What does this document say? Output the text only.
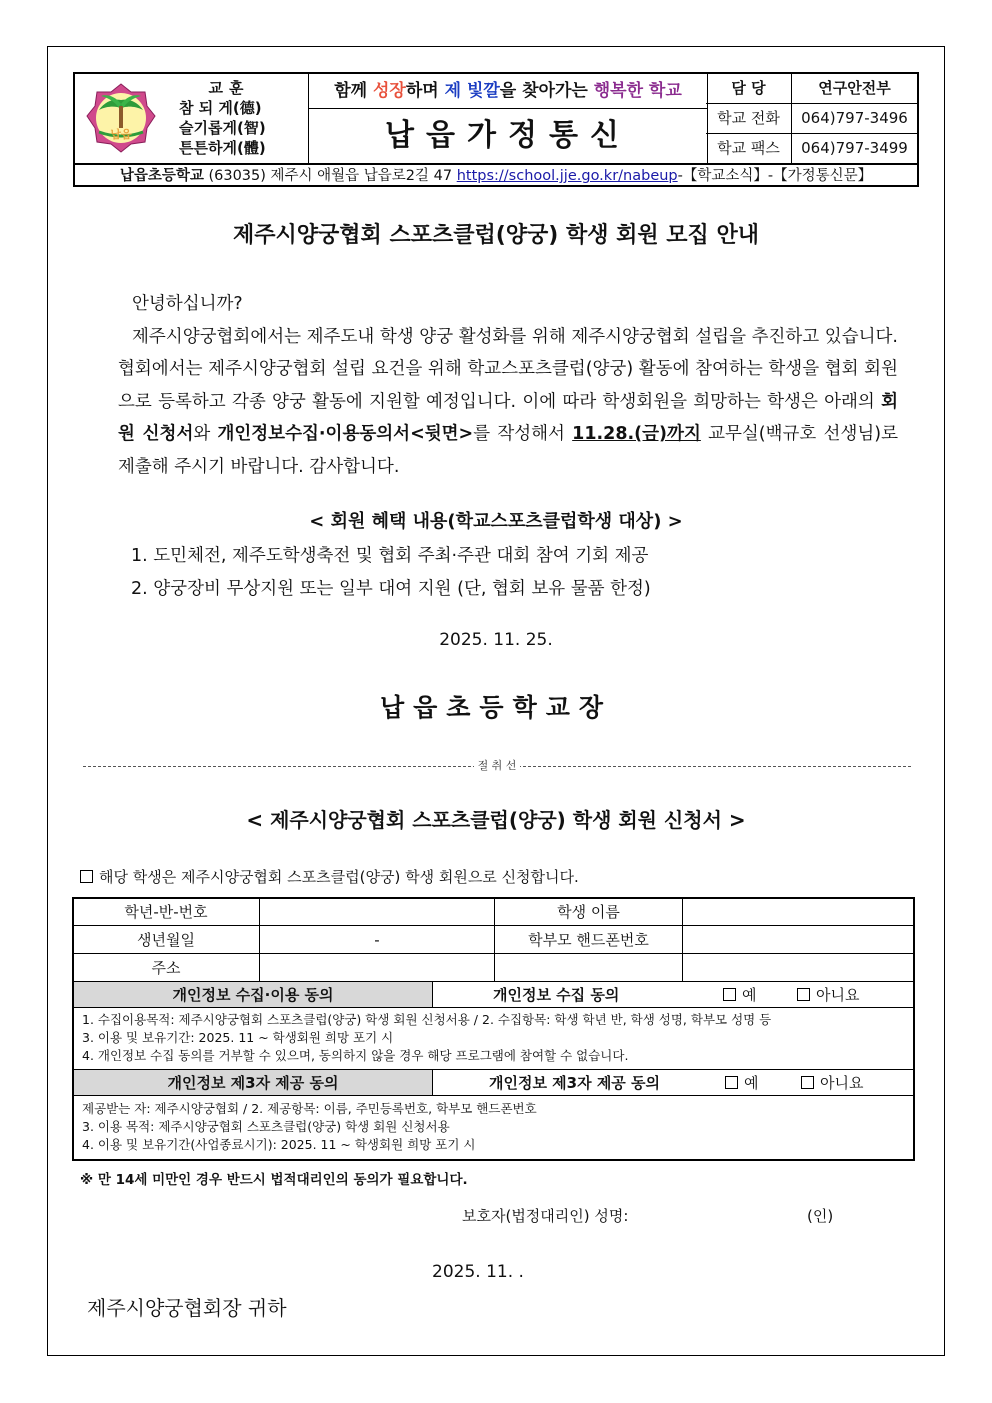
납읍
교훈
참 되 게(德)
슬기롭게(智)
튼튼하게(體)
함께 성장하며 제 빛깔을 찾아가는 행복한 학교
납읍가정통신
담 당	연구안전부
학교 전화	064)797-3496
학교 팩스	064)797-3499
납읍초등학교 (63035) 제주시 애월읍 납읍로2길 47 https://school.jje.go.kr/nabeup-【학교소식】-【가정통신문】
제주시양궁협회 스포츠클럽(양궁) 학생 회원 모집 안내

안녕하십니까?

제주시양궁협회에서는 제주도내 학생 양궁 활성화를 위해 제주시양궁협회 설립을 추진하고 있습니다. 협회에서는 제주시양궁협회 설립 요건을 위해 학교스포츠클럽(양궁) 활동에 참여하는 학생을 협회 회원으로 등록하고 각종 양궁 활동에 지원할 예정입니다. 이에 따라 학생회원을 희망하는 학생은 아래의 회원 신청서와 개인정보수집·이용동의서<뒷면>를 작성해서 11.28.(금)까지 교무실(백규호 선생님)로 제출해 주시기 바랍니다. 감사합니다.

< 회원 혜택 내용(학교스포츠클럽학생 대상) >
1. 도민체전, 제주도학생축전 및 협회 주최·주관 대회 참여 기회 제공
2. 양궁장비 무상지원 또는 일부 대여 지원 (단, 협회 보유 물품 한정)
2025. 11. 25.
납읍초등학교장
절 취 선
< 제주시양궁협회 스포츠클럽(양궁) 학생 회원 신청서 >
해당 학생은 제주시양궁협회 스포츠클럽(양궁) 학생 회원으로 신청합니다.
학년-반-번호		학생 이름	
생년월일	-	학부모 핸드폰번호	
주소			
개인정보 수집·이용 동의	개인정보 수집 동의	예	아니요
1. 수집이용목적: 제주시양궁협회 스포츠클럽(양궁) 학생 회원 신청서용 / 2. 수집항목: 학생 학년 반, 학생 성명, 학부모 성명 등
3. 이용 및 보유기간: 2025. 11 ~ 학생회원 희망 포기 시
4. 개인정보 수집 동의를 거부할 수 있으며, 동의하지 않을 경우 해당 프로그램에 참여할 수 없습니다.
개인정보 제3자 제공 동의	개인정보 제3자 제공 동의	예	아니요
제공받는 자: 제주시양궁협회 / 2. 제공항목: 이름, 주민등록번호, 학부모 핸드폰번호
3. 이용 목적: 제주시양궁협회 스포츠클럽(양궁) 학생 회원 신청서용
4. 이용 및 보유기간(사업종료시기): 2025. 11 ~ 학생회원 희망 포기 시
※ 만 14세 미만인 경우 반드시 법적대리인의 동의가 필요합니다.
보호자(법정대리인) 성명:	(인)
2025. 11. .
제주시양궁협회장 귀하
